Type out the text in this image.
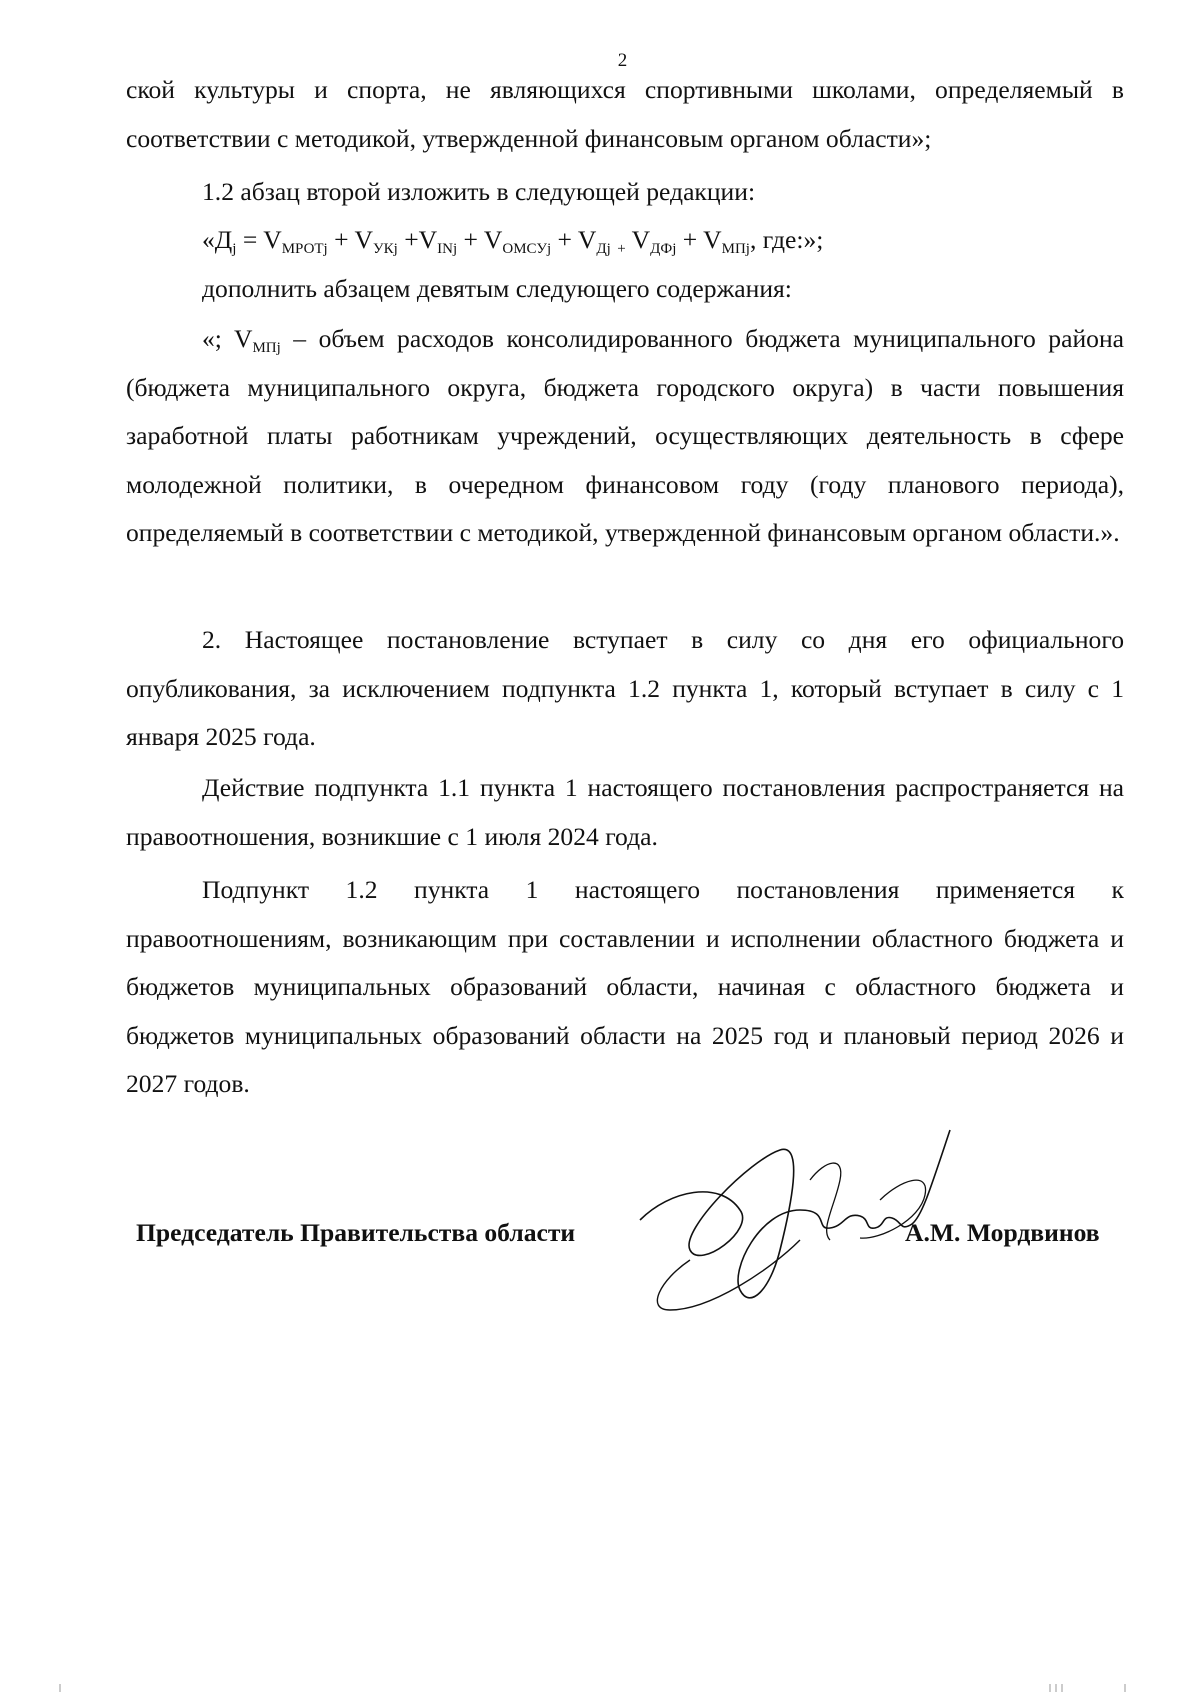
2
ской культуры и спорта, не являющихся спортивными школами, определяемый в соответствии с методикой, утвержденной финансовым органом области»;
1.2 абзац второй изложить в следующей редакции:
«$Д_j = V_{МРОТj} + V_{УКj} +V_{INj} + V_{ОМСУj} + V_{Дj}$ $_+$ $V_{ДФj} + V_{МПj}$, где:»;
дополнить абзацем девятым следующего содержания:
«; $V_{МПj}$ – объем расходов консолидированного бюджета муниципального района (бюджета муниципального округа, бюджета городского округа) в части повышения заработной платы работникам учреждений, осуществляющих деятельность в сфере молодежной политики, в очередном финансовом году (году планового периода), определяемый в соответствии с методикой, утвержденной финансовым органом области.».
2. Настоящее постановление вступает в силу со дня его официального опубликования, за исключением подпункта 1.2 пункта 1, который вступает в силу с 1 января 2025 года.
Действие подпункта 1.1 пункта 1 настоящего постановления распространяется на правоотношения, возникшие с 1 июля 2024 года.
Подпункт 1.2 пункта 1 настоящего постановления применяется к правоотношениям, возникающим при составлении и исполнении областного бюджета и бюджетов муниципальных образований области, начиная с областного бюджета и бюджетов муниципальных образований области на 2025 год и плановый период 2026 и 2027 годов.
Председатель Правительства области	А.М. Мордвинов
